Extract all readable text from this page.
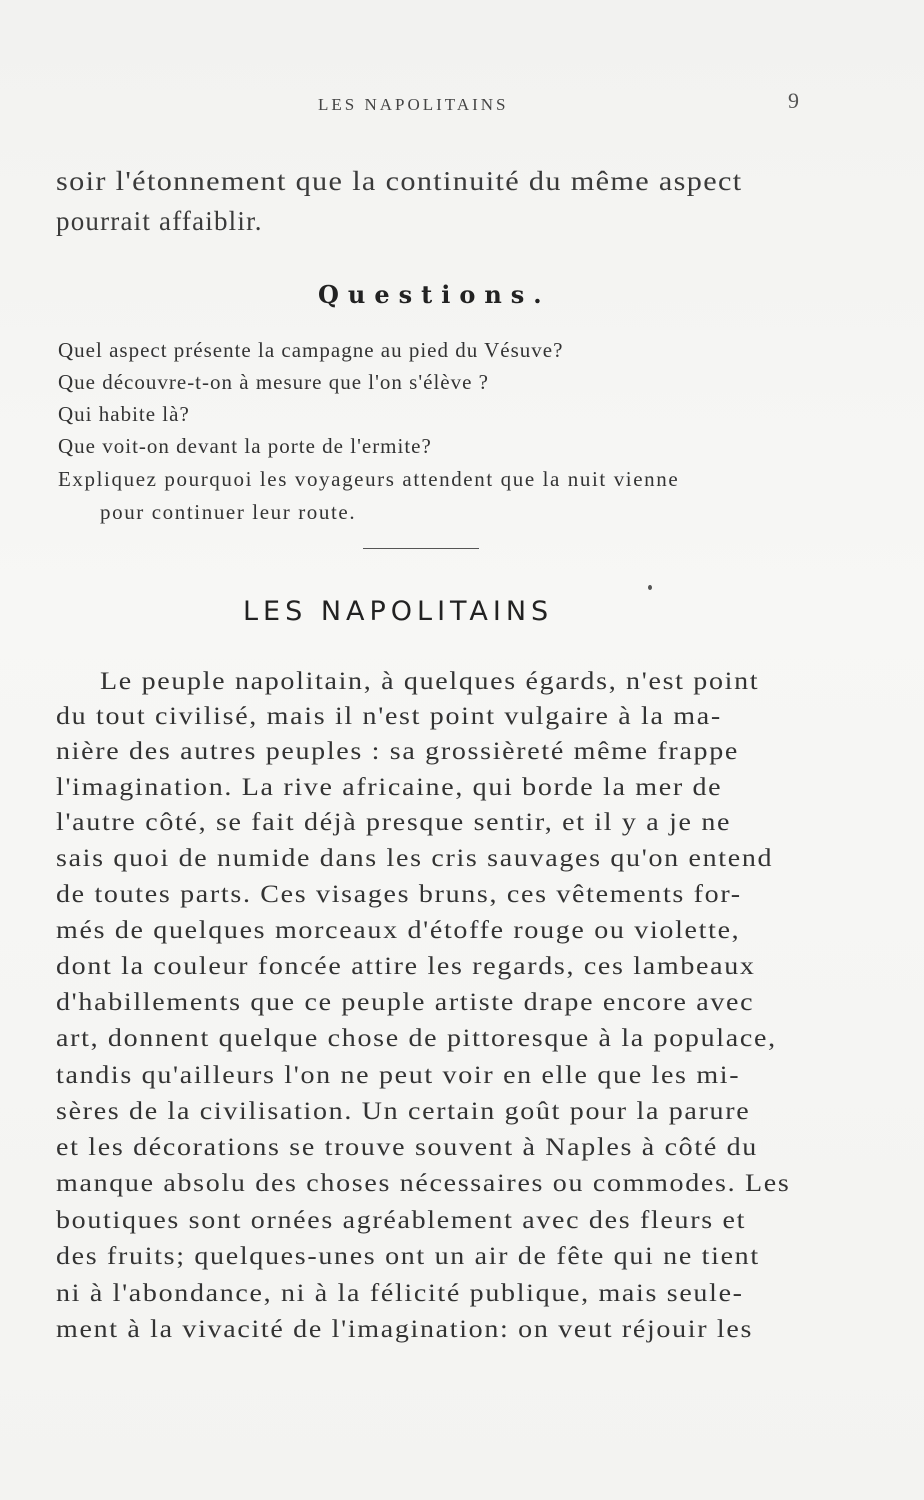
LES NAPOLITAINS	9
soir l'étonnement que la continuité du même aspect
pourrait affaiblir.
Questions.
Quel aspect présente la campagne au pied du Vésuve?
Que découvre-t-on à mesure que l'on s'élève ?
Qui habite là?
Que voit-on devant la porte de l'ermite?
Expliquez pourquoi les voyageurs attendent que la nuit vienne
pour continuer leur route.
LES NAPOLITAINS
Le peuple napolitain, à quelques égards, n'est point
du tout civilisé, mais il n'est point vulgaire à la ma-
nière des autres peuples : sa grossièreté même frappe
l'imagination. La rive africaine, qui borde la mer de
l'autre côté, se fait déjà presque sentir, et il y a je ne
sais quoi de numide dans les cris sauvages qu'on entend
de toutes parts. Ces visages bruns, ces vêtements for-
més de quelques morceaux d'étoffe rouge ou violette,
dont la couleur foncée attire les regards, ces lambeaux
d'habillements que ce peuple artiste drape encore avec
art, donnent quelque chose de pittoresque à la populace,
tandis qu'ailleurs l'on ne peut voir en elle que les mi-
sères de la civilisation. Un certain goût pour la parure
et les décorations se trouve souvent à Naples à côté du
manque absolu des choses nécessaires ou commodes. Les
boutiques sont ornées agréablement avec des fleurs et
des fruits; quelques-unes ont un air de fête qui ne tient
ni à l'abondance, ni à la félicité publique, mais seule-
ment à la vivacité de l'imagination: on veut réjouir les
